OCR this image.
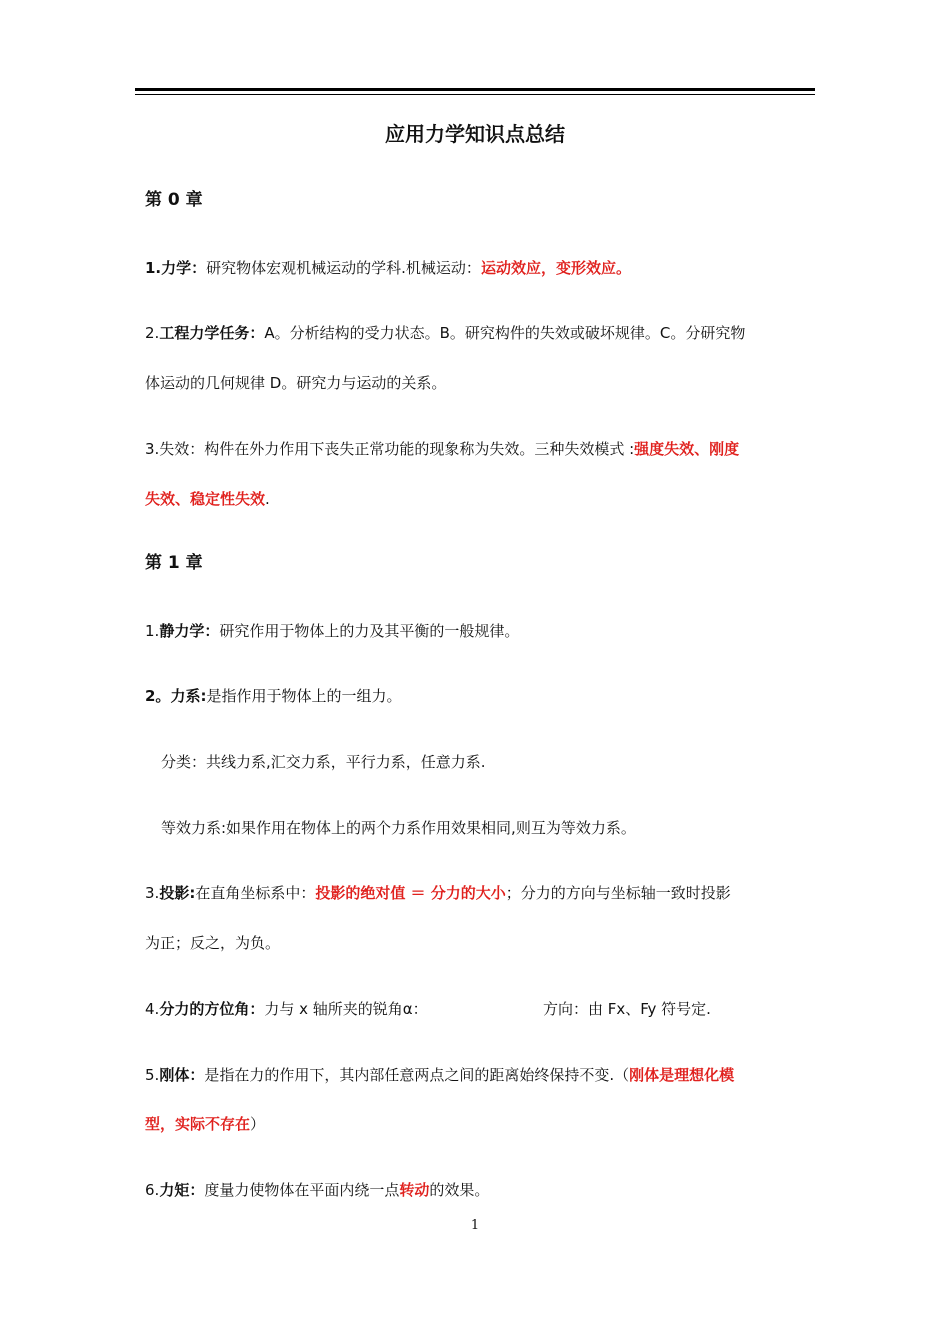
应用力学知识点总结
第 0 章
1.力学：研究物体宏观机械运动的学科.机械运动：运动效应，变形效应。
2.工程力学任务：A。分析结构的受力状态。B。研究构件的失效或破坏规律。C。分研究物
体运动的几何规律 D。研究力与运动的关系。
3.失效：构件在外力作用下丧失正常功能的现象称为失效。三种失效模式 :强度失效、刚度
失效、稳定性失效.
第 1 章
1.静力学：研究作用于物体上的力及其平衡的一般规律。
2。力系:是指作用于物体上的一组力。
分类：共线力系,汇交力系，平行力系，任意力系.
等效力系:如果作用在物体上的两个力系作用效果相同,则互为等效力系。
3.投影:在直角坐标系中：投影的绝对值 ＝ 分力的大小；分力的方向与坐标轴一致时投影
为正；反之，为负。
4.分力的方位角：力与 x 轴所夹的锐角α：	方向：由 Fx、Fy 符号定.
5.刚体：是指在力的作用下，其内部任意两点之间的距离始终保持不变.（刚体是理想化模
型，实际不存在）
6.力矩：度量力使物体在平面内绕一点转动的效果。
1
